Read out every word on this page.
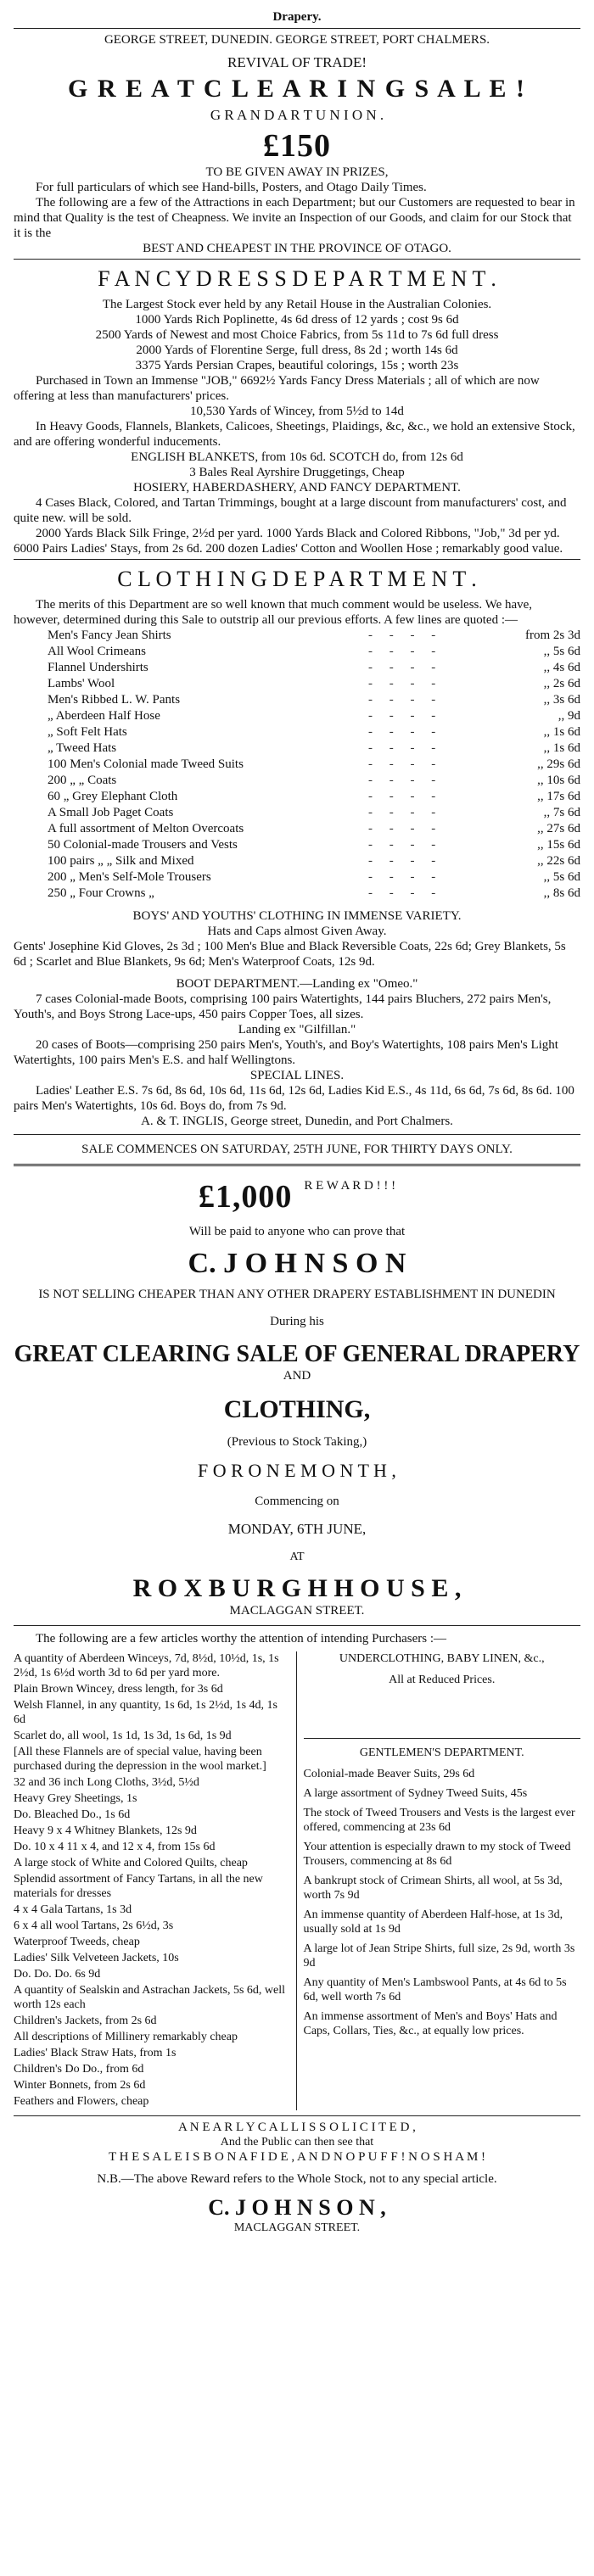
Drapery.
GEORGE STREET, DUNEDIN. GEORGE STREET, PORT CHALMERS.
REVIVAL OF TRADE!
G R E A T C L E A R I N G S A L E !
G R A N D A R T U N I O N .
£150
TO BE GIVEN AWAY IN PRIZES,
For full particulars of which see Hand-bills, Posters, and Otago Daily Times.
The following are a few of the Attractions in each Department; but our Customers are requested to bear in mind that Quality is the test of Cheapness. We invite an Inspection of our Goods, and claim for our Stock that it is the
BEST AND CHEAPEST IN THE PROVINCE OF OTAGO.
F A N C Y D R E S S D E P A R T M E N T .
The Largest Stock ever held by any Retail House in the Australian Colonies.
1000 Yards Rich Poplinette, 4s 6d dress of 12 yards ; cost 9s 6d
2500 Yards of Newest and most Choice Fabrics, from 5s 11d to 7s 6d full dress
2000 Yards of Florentine Serge, full dress, 8s 2d ; worth 14s 6d
3375 Yards Persian Crapes, beautiful colorings, 15s ; worth 23s
Purchased in Town an Immense "JOB," 6692½ Yards Fancy Dress Materials ; all of which are now offering at less than manufacturers' prices.
10,530 Yards of Wincey, from 5½d to 14d
In Heavy Goods, Flannels, Blankets, Calicoes, Sheetings, Plaidings, &c, &c., we hold an extensive Stock, and are offering wonderful inducements.
ENGLISH BLANKETS, from 10s 6d. SCOTCH do, from 12s 6d
3 Bales Real Ayrshire Druggetings, Cheap
HOSIERY, HABERDASHERY, AND FANCY DEPARTMENT.
4 Cases Black, Colored, and Tartan Trimmings, bought at a large discount from manufacturers' cost, and quite new. will be sold.
2000 Yards Black Silk Fringe, 2½d per yard. 1000 Yards Black and Colored Ribbons, "Job," 3d per yd. 6000 Pairs Ladies' Stays, from 2s 6d. 200 dozen Ladies' Cotton and Woollen Hose ; remarkably good value.
C L O T H I N G D E P A R T M E N T .
The merits of this Department are so well known that much comment would be useless. We have, however, determined during this Sale to outstrip all our previous efforts. A few lines are quoted :—
Men's Fancy Jean Shirts	- - - -	from 2s 3d
All Wool Crimeans	- - - -	,, 5s 6d
Flannel Undershirts	- - - -	,, 4s 6d
Lambs' Wool	- - - -	,, 2s 6d
Men's Ribbed L. W. Pants	- - - -	,, 3s 6d
„ Aberdeen Half Hose	- - - -	,, 9d
„ Soft Felt Hats	- - - -	,, 1s 6d
„ Tweed Hats	- - - -	,, 1s 6d
100 Men's Colonial made Tweed Suits	- - - -	,, 29s 6d
200 „ „ Coats	- - - -	,, 10s 6d
60 „ Grey Elephant Cloth	- - - -	,, 17s 6d
A Small Job Paget Coats	- - - -	,, 7s 6d
A full assortment of Melton Overcoats	- - - -	,, 27s 6d
50 Colonial-made Trousers and Vests	- - - -	,, 15s 6d
100 pairs „ „ Silk and Mixed	- - - -	,, 22s 6d
200 „ Men's Self-Mole Trousers	- - - -	,, 5s 6d
250 „ Four Crowns „	- - - -	,, 8s 6d
BOYS' AND YOUTHS' CLOTHING IN IMMENSE VARIETY.
Hats and Caps almost Given Away.
Gents' Josephine Kid Gloves, 2s 3d ; 100 Men's Blue and Black Reversible Coats, 22s 6d; Grey Blankets, 5s 6d ; Scarlet and Blue Blankets, 9s 6d; Men's Waterproof Coats, 12s 9d.
BOOT DEPARTMENT.—Landing ex "Omeo."
7 cases Colonial-made Boots, comprising 100 pairs Watertights, 144 pairs Bluchers, 272 pairs Men's, Youth's, and Boys Strong Lace-ups, 450 pairs Copper Toes, all sizes.
Landing ex "Gilfillan."
20 cases of Boots—comprising 250 pairs Men's, Youth's, and Boy's Watertights, 108 pairs Men's Light Watertights, 100 pairs Men's E.S. and half Wellingtons.
SPECIAL LINES.
Ladies' Leather E.S. 7s 6d, 8s 6d, 10s 6d, 11s 6d, 12s 6d, Ladies Kid E.S., 4s 11d, 6s 6d, 7s 6d, 8s 6d. 100 pairs Men's Watertights, 10s 6d. Boys do, from 7s 9d.
A. & T. INGLIS, George street, Dunedin, and Port Chalmers.
SALE COMMENCES ON SATURDAY, 25TH JUNE, FOR THIRTY DAYS ONLY.
£1,000 R E W A R D ! ! !
Will be paid to anyone who can prove that
C. J O H N S O N
IS NOT SELLING CHEAPER THAN ANY OTHER DRAPERY ESTABLISHMENT IN DUNEDIN
During his
GREAT CLEARING SALE OF GENERAL DRAPERY
AND
CLOTHING,
(Previous to Stock Taking,)
F O R O N E M O N T H ,
Commencing on
MONDAY, 6TH JUNE,
AT
R O X B U R G H H O U S E ,
MACLAGGAN STREET.
The following are a few articles worthy the attention of intending Purchasers :—
A quantity of Aberdeen Winceys, 7d, 8½d, 10½d, 1s, 1s 2½d, 1s 6½d worth 3d to 6d per yard more.
Plain Brown Wincey, dress length, for 3s 6d
Welsh Flannel, in any quantity, 1s 6d, 1s 2½d, 1s 4d, 1s 6d
Scarlet do, all wool, 1s 1d, 1s 3d, 1s 6d, 1s 9d
[All these Flannels are of special value, having been purchased during the depression in the wool market.]
32 and 36 inch Long Cloths, 3½d, 5½d
Heavy Grey Sheetings, 1s
Do. Bleached Do., 1s 6d
Heavy 9 x 4 Whitney Blankets, 12s 9d
Do. 10 x 4 11 x 4, and 12 x 4, from 15s 6d
A large stock of White and Colored Quilts, cheap
Splendid assortment of Fancy Tartans, in all the new materials for dresses
4 x 4 Gala Tartans, 1s 3d
6 x 4 all wool Tartans, 2s 6½d, 3s
Waterproof Tweeds, cheap
Ladies' Silk Velveteen Jackets, 10s
Do. Do. Do. 6s 9d
A quantity of Sealskin and Astrachan Jackets, 5s 6d, well worth 12s each
Children's Jackets, from 2s 6d
All descriptions of Millinery remarkably cheap
Ladies' Black Straw Hats, from 1s
Children's Do Do., from 6d
Winter Bonnets, from 2s 6d
Feathers and Flowers, cheap
UNDERCLOTHING, BABY LINEN, &c.,
All at Reduced Prices.
GENTLEMEN'S DEPARTMENT.
Colonial-made Beaver Suits, 29s 6d
A large assortment of Sydney Tweed Suits, 45s
The stock of Tweed Trousers and Vests is the largest ever offered, commencing at 23s 6d
Your attention is especially drawn to my stock of Tweed Trousers, commencing at 8s 6d
A bankrupt stock of Crimean Shirts, all wool, at 5s 3d, worth 7s 9d
An immense quantity of Aberdeen Half-hose, at 1s 3d, usually sold at 1s 9d
A large lot of Jean Stripe Shirts, full size, 2s 9d, worth 3s 9d
Any quantity of Men's Lambswool Pants, at 4s 6d to 5s 6d, well worth 7s 6d
An immense assortment of Men's and Boys' Hats and Caps, Collars, Ties, &c., at equally low prices.
A N E A R L Y C A L L I S S O L I C I T E D ,
And the Public can then see that
T H E S A L E I S B O N A F I D E , A N D N O P U F F ! N O S H A M !
N.B.—The above Reward refers to the Whole Stock, not to any special article.
C. J O H N S O N ,
MACLAGGAN STREET.
